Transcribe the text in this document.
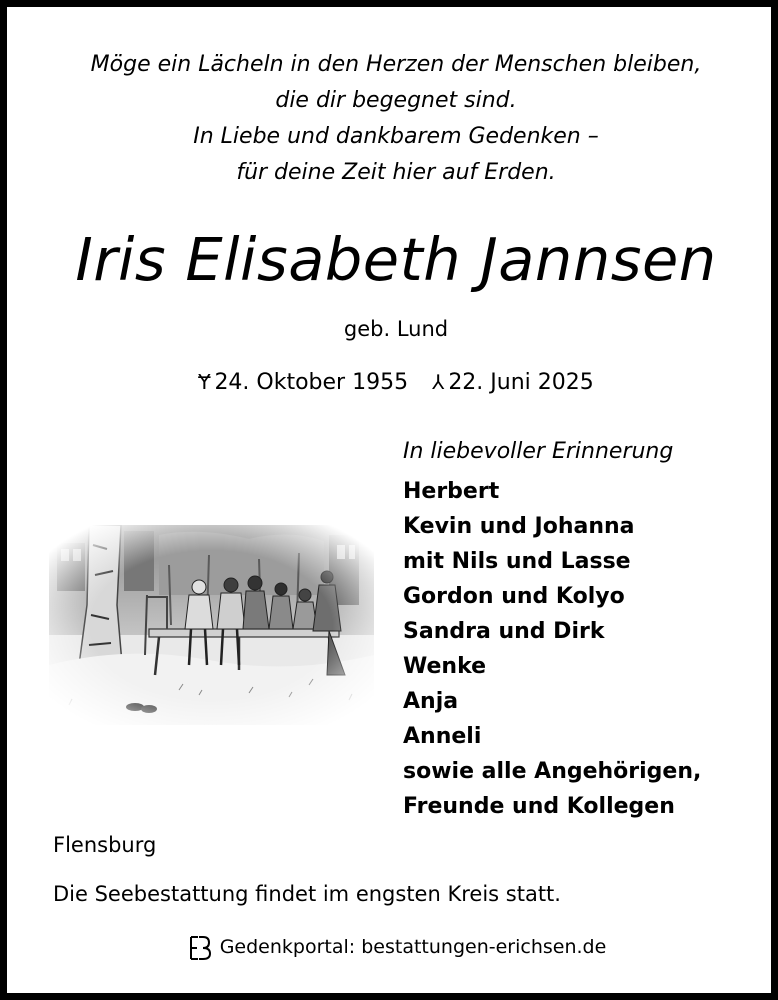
Möge ein Lächeln in den Herzen der Menschen bleiben,
die dir begegnet sind.
In Liebe und dankbarem Gedenken –
für deine Zeit hier auf Erden.
Iris Elisabeth Jannsen
geb. Lund
Ɏ 24. Oktober 1955 ⅄ 22. Juni 2025
In liebevoller Erinnerung
Herbert
Kevin und Johanna
mit Nils und Lasse
Gordon und Kolyo
Sandra und Dirk
Wenke
Anja
Anneli
sowie alle Angehörigen,
Freunde und Kollegen
Flensburg
Die Seebestattung findet im engsten Kreis statt.
Gedenkportal: bestattungen-erichsen.de
